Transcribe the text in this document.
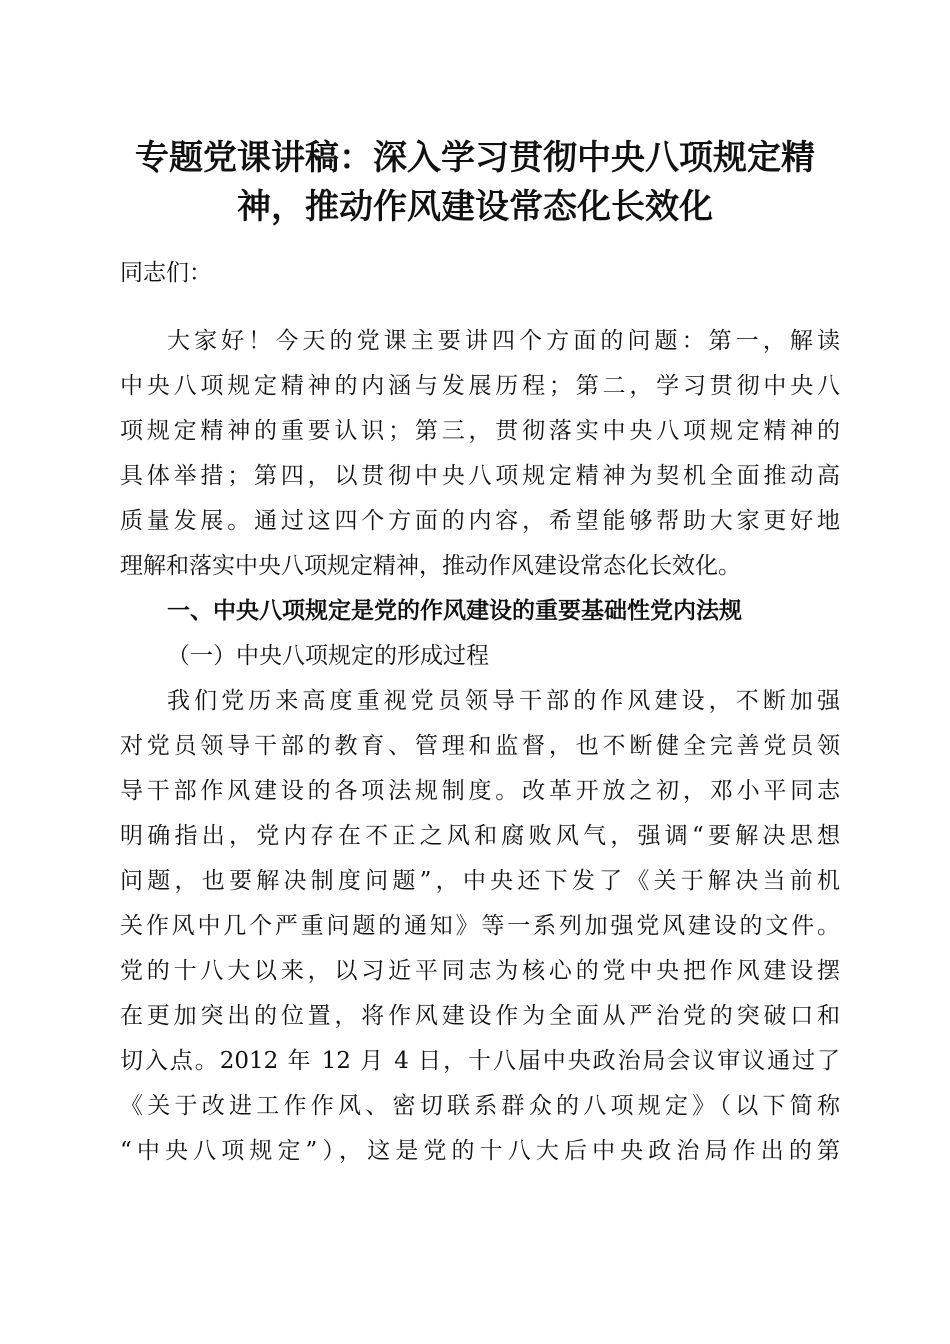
专题党课讲稿：深入学习贯彻中央八项规定精
神，推动作风建设常态化长效化
同志们：
大家好！今天的党课主要讲四个方面的问题：第一，解读
中央八项规定精神的内涵与发展历程；第二，学习贯彻中央八
项规定精神的重要认识；第三，贯彻落实中央八项规定精神的
具体举措；第四，以贯彻中央八项规定精神为契机全面推动高
质量发展。通过这四个方面的内容，希望能够帮助大家更好地
理解和落实中央八项规定精神，推动作风建设常态化长效化。
一、中央八项规定是党的作风建设的重要基础性党内法规
（一）中央八项规定的形成过程
我们党历来高度重视党员领导干部的作风建设，不断加强
对党员领导干部的教育、管理和监督，也不断健全完善党员领
导干部作风建设的各项法规制度。改革开放之初，邓小平同志
明确指出，党内存在不正之风和腐败风气，强调“要解决思想
问题，也要解决制度问题”，中央还下发了《关于解决当前机
关作风中几个严重问题的通知》等一系列加强党风建设的文件。
党的十八大以来，以习近平同志为核心的党中央把作风建设摆
在更加突出的位置，将作风建设作为全面从严治党的突破口和
切入点。2012 年 12 月 4 日，十八届中央政治局会议审议通过了
《关于改进工作作风、密切联系群众的八项规定》（以下简称
“中央八项规定”），这是党的十八大后中央政治局作出的第
